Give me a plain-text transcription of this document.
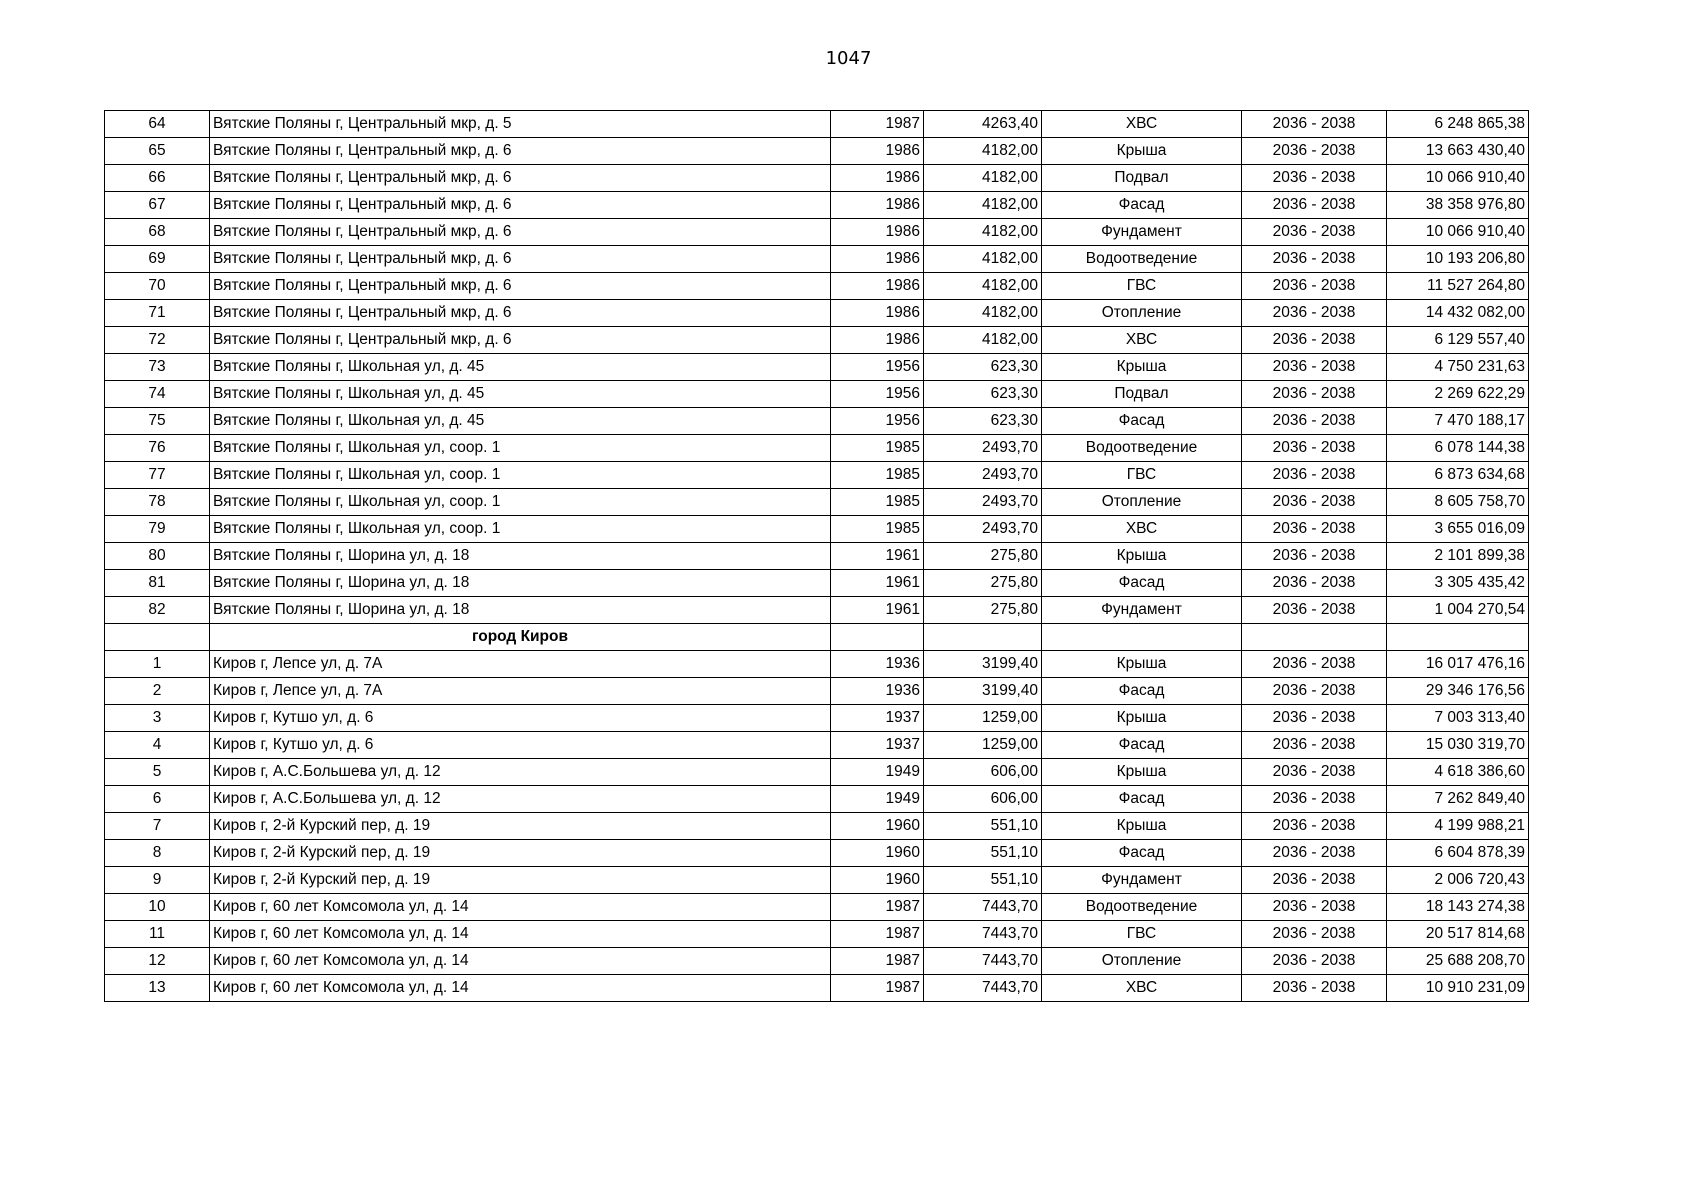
1047
64	Вятские Поляны г, Центральный мкр, д. 5	1987	4263,40	ХВС	2036 - 2038	6 248 865,38
65	Вятские Поляны г, Центральный мкр, д. 6	1986	4182,00	Крыша	2036 - 2038	13 663 430,40
66	Вятские Поляны г, Центральный мкр, д. 6	1986	4182,00	Подвал	2036 - 2038	10 066 910,40
67	Вятские Поляны г, Центральный мкр, д. 6	1986	4182,00	Фасад	2036 - 2038	38 358 976,80
68	Вятские Поляны г, Центральный мкр, д. 6	1986	4182,00	Фундамент	2036 - 2038	10 066 910,40
69	Вятские Поляны г, Центральный мкр, д. 6	1986	4182,00	Водоотведение	2036 - 2038	10 193 206,80
70	Вятские Поляны г, Центральный мкр, д. 6	1986	4182,00	ГВС	2036 - 2038	11 527 264,80
71	Вятские Поляны г, Центральный мкр, д. 6	1986	4182,00	Отопление	2036 - 2038	14 432 082,00
72	Вятские Поляны г, Центральный мкр, д. 6	1986	4182,00	ХВС	2036 - 2038	6 129 557,40
73	Вятские Поляны г, Школьная ул, д. 45	1956	623,30	Крыша	2036 - 2038	4 750 231,63
74	Вятские Поляны г, Школьная ул, д. 45	1956	623,30	Подвал	2036 - 2038	2 269 622,29
75	Вятские Поляны г, Школьная ул, д. 45	1956	623,30	Фасад	2036 - 2038	7 470 188,17
76	Вятские Поляны г, Школьная ул, соор. 1	1985	2493,70	Водоотведение	2036 - 2038	6 078 144,38
77	Вятские Поляны г, Школьная ул, соор. 1	1985	2493,70	ГВС	2036 - 2038	6 873 634,68
78	Вятские Поляны г, Школьная ул, соор. 1	1985	2493,70	Отопление	2036 - 2038	8 605 758,70
79	Вятские Поляны г, Школьная ул, соор. 1	1985	2493,70	ХВС	2036 - 2038	3 655 016,09
80	Вятские Поляны г, Шорина ул, д. 18	1961	275,80	Крыша	2036 - 2038	2 101 899,38
81	Вятские Поляны г, Шорина ул, д. 18	1961	275,80	Фасад	2036 - 2038	3 305 435,42
82	Вятские Поляны г, Шорина ул, д. 18	1961	275,80	Фундамент	2036 - 2038	1 004 270,54
	город Киров					
1	Киров г, Лепсе ул, д. 7А	1936	3199,40	Крыша	2036 - 2038	16 017 476,16
2	Киров г, Лепсе ул, д. 7А	1936	3199,40	Фасад	2036 - 2038	29 346 176,56
3	Киров г, Кутшо ул, д. 6	1937	1259,00	Крыша	2036 - 2038	7 003 313,40
4	Киров г, Кутшо ул, д. 6	1937	1259,00	Фасад	2036 - 2038	15 030 319,70
5	Киров г, А.С.Большева ул, д. 12	1949	606,00	Крыша	2036 - 2038	4 618 386,60
6	Киров г, А.С.Большева ул, д. 12	1949	606,00	Фасад	2036 - 2038	7 262 849,40
7	Киров г, 2-й Курский пер, д. 19	1960	551,10	Крыша	2036 - 2038	4 199 988,21
8	Киров г, 2-й Курский пер, д. 19	1960	551,10	Фасад	2036 - 2038	6 604 878,39
9	Киров г, 2-й Курский пер, д. 19	1960	551,10	Фундамент	2036 - 2038	2 006 720,43
10	Киров г, 60 лет Комсомола ул, д. 14	1987	7443,70	Водоотведение	2036 - 2038	18 143 274,38
11	Киров г, 60 лет Комсомола ул, д. 14	1987	7443,70	ГВС	2036 - 2038	20 517 814,68
12	Киров г, 60 лет Комсомола ул, д. 14	1987	7443,70	Отопление	2036 - 2038	25 688 208,70
13	Киров г, 60 лет Комсомола ул, д. 14	1987	7443,70	ХВС	2036 - 2038	10 910 231,09
